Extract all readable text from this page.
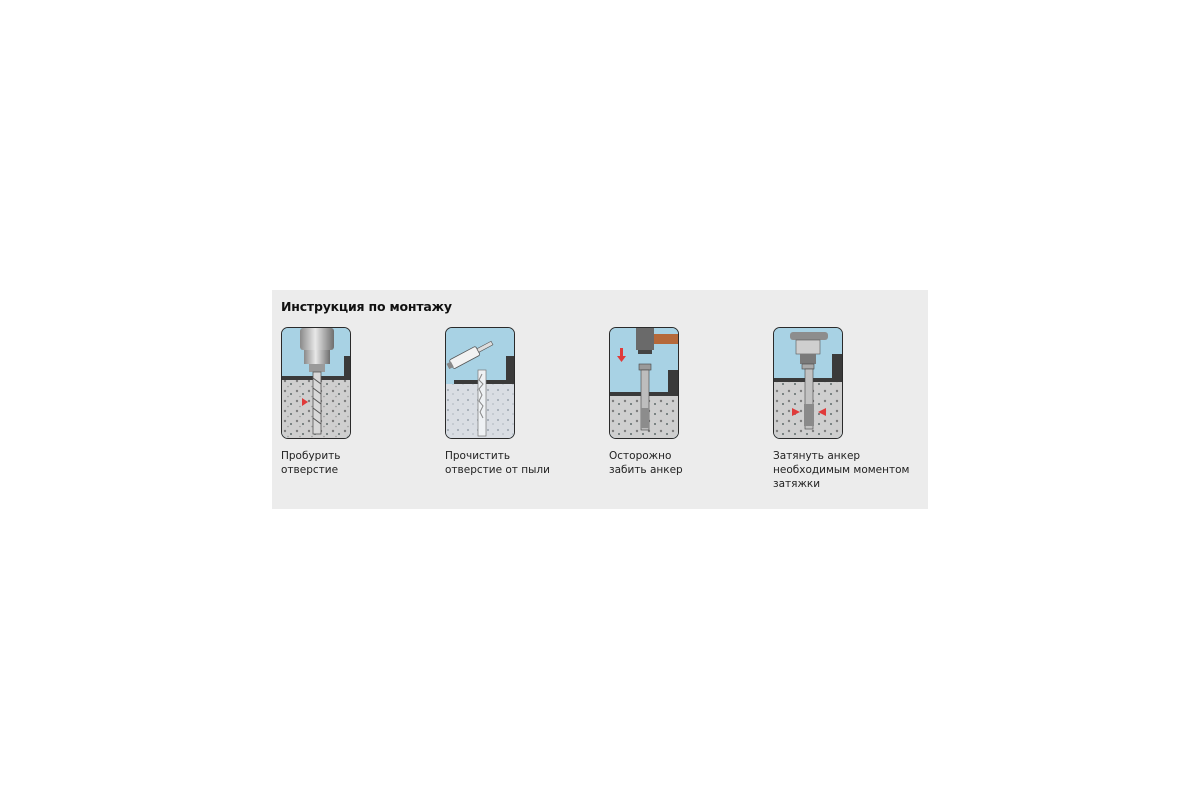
Инструкция по монтажу
Пробурить
отверстие
Прочистить
отверстие от пыли
Осторожно
забить анкер
Затянуть анкер
необходимым моментом
затяжки
